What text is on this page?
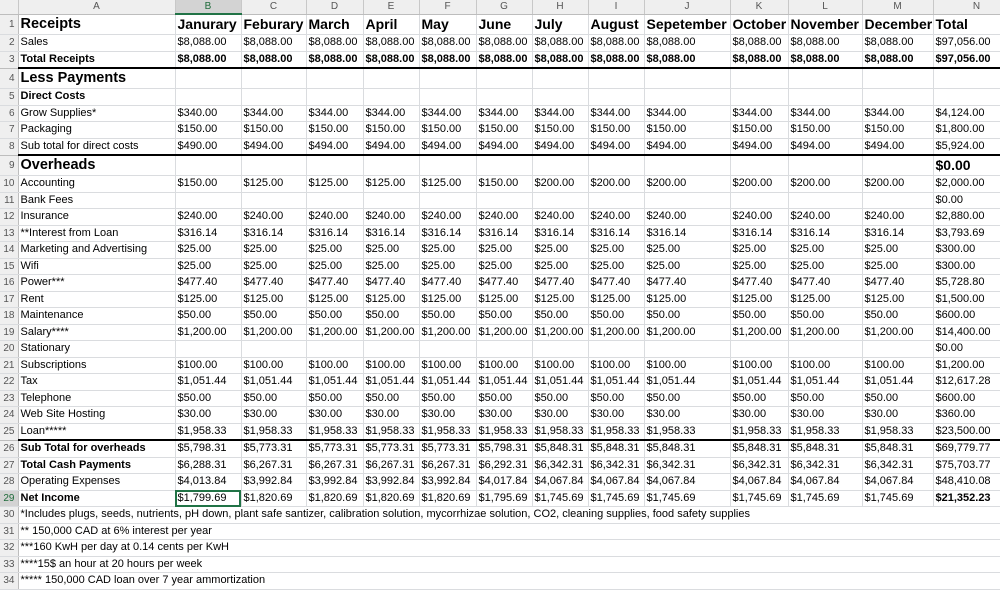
	A	B	C	D	E	F	G	H	I	J	K	L	M	N
1	Receipts	Janurary	Feburary	March	April	May	June	July	August	Sepetember	October	November	December	Total
2	Sales	$8,088.00	$8,088.00	$8,088.00	$8,088.00	$8,088.00	$8,088.00	$8,088.00	$8,088.00	$8,088.00	$8,088.00	$8,088.00	$8,088.00	$97,056.00
3	Total Receipts	$8,088.00	$8,088.00	$8,088.00	$8,088.00	$8,088.00	$8,088.00	$8,088.00	$8,088.00	$8,088.00	$8,088.00	$8,088.00	$8,088.00	$97,056.00
4	Less Payments													
5	Direct Costs													
6	Grow Supplies*	$340.00	$344.00	$344.00	$344.00	$344.00	$344.00	$344.00	$344.00	$344.00	$344.00	$344.00	$344.00	$4,124.00
7	Packaging	$150.00	$150.00	$150.00	$150.00	$150.00	$150.00	$150.00	$150.00	$150.00	$150.00	$150.00	$150.00	$1,800.00
8	Sub total for direct costs	$490.00	$494.00	$494.00	$494.00	$494.00	$494.00	$494.00	$494.00	$494.00	$494.00	$494.00	$494.00	$5,924.00
9	Overheads													$0.00
10	Accounting	$150.00	$125.00	$125.00	$125.00	$125.00	$150.00	$200.00	$200.00	$200.00	$200.00	$200.00	$200.00	$2,000.00
11	Bank Fees													$0.00
12	Insurance	$240.00	$240.00	$240.00	$240.00	$240.00	$240.00	$240.00	$240.00	$240.00	$240.00	$240.00	$240.00	$2,880.00
13	**Interest from Loan	$316.14	$316.14	$316.14	$316.14	$316.14	$316.14	$316.14	$316.14	$316.14	$316.14	$316.14	$316.14	$3,793.69
14	Marketing and Advertising	$25.00	$25.00	$25.00	$25.00	$25.00	$25.00	$25.00	$25.00	$25.00	$25.00	$25.00	$25.00	$300.00
15	Wifi	$25.00	$25.00	$25.00	$25.00	$25.00	$25.00	$25.00	$25.00	$25.00	$25.00	$25.00	$25.00	$300.00
16	Power***	$477.40	$477.40	$477.40	$477.40	$477.40	$477.40	$477.40	$477.40	$477.40	$477.40	$477.40	$477.40	$5,728.80
17	Rent	$125.00	$125.00	$125.00	$125.00	$125.00	$125.00	$125.00	$125.00	$125.00	$125.00	$125.00	$125.00	$1,500.00
18	Maintenance	$50.00	$50.00	$50.00	$50.00	$50.00	$50.00	$50.00	$50.00	$50.00	$50.00	$50.00	$50.00	$600.00
19	Salary****	$1,200.00	$1,200.00	$1,200.00	$1,200.00	$1,200.00	$1,200.00	$1,200.00	$1,200.00	$1,200.00	$1,200.00	$1,200.00	$1,200.00	$14,400.00
20	Stationary													$0.00
21	Subscriptions	$100.00	$100.00	$100.00	$100.00	$100.00	$100.00	$100.00	$100.00	$100.00	$100.00	$100.00	$100.00	$1,200.00
22	Tax	$1,051.44	$1,051.44	$1,051.44	$1,051.44	$1,051.44	$1,051.44	$1,051.44	$1,051.44	$1,051.44	$1,051.44	$1,051.44	$1,051.44	$12,617.28
23	Telephone	$50.00	$50.00	$50.00	$50.00	$50.00	$50.00	$50.00	$50.00	$50.00	$50.00	$50.00	$50.00	$600.00
24	Web Site Hosting	$30.00	$30.00	$30.00	$30.00	$30.00	$30.00	$30.00	$30.00	$30.00	$30.00	$30.00	$30.00	$360.00
25	Loan*****	$1,958.33	$1,958.33	$1,958.33	$1,958.33	$1,958.33	$1,958.33	$1,958.33	$1,958.33	$1,958.33	$1,958.33	$1,958.33	$1,958.33	$23,500.00
26	Sub Total for overheads	$5,798.31	$5,773.31	$5,773.31	$5,773.31	$5,773.31	$5,798.31	$5,848.31	$5,848.31	$5,848.31	$5,848.31	$5,848.31	$5,848.31	$69,779.77
27	Total Cash Payments	$6,288.31	$6,267.31	$6,267.31	$6,267.31	$6,267.31	$6,292.31	$6,342.31	$6,342.31	$6,342.31	$6,342.31	$6,342.31	$6,342.31	$75,703.77
28	Operating Expenses	$4,013.84	$3,992.84	$3,992.84	$3,992.84	$3,992.84	$4,017.84	$4,067.84	$4,067.84	$4,067.84	$4,067.84	$4,067.84	$4,067.84	$48,410.08
29	Net Income	$1,799.69	$1,820.69	$1,820.69	$1,820.69	$1,820.69	$1,795.69	$1,745.69	$1,745.69	$1,745.69	$1,745.69	$1,745.69	$1,745.69	$21,352.23
30	*Includes plugs, seeds, nutrients, pH down, plant safe santizer, calibration solution, mycorrhizae solution, CO2, cleaning supplies, food safety supplies													
31	** 150,000 CAD at 6% interest per year													
32	***160 KwH per day at 0.14 cents per KwH													
33	****15$ an hour at 20 hours per week													
34	***** 150,000 CAD loan over 7 year ammortization													
